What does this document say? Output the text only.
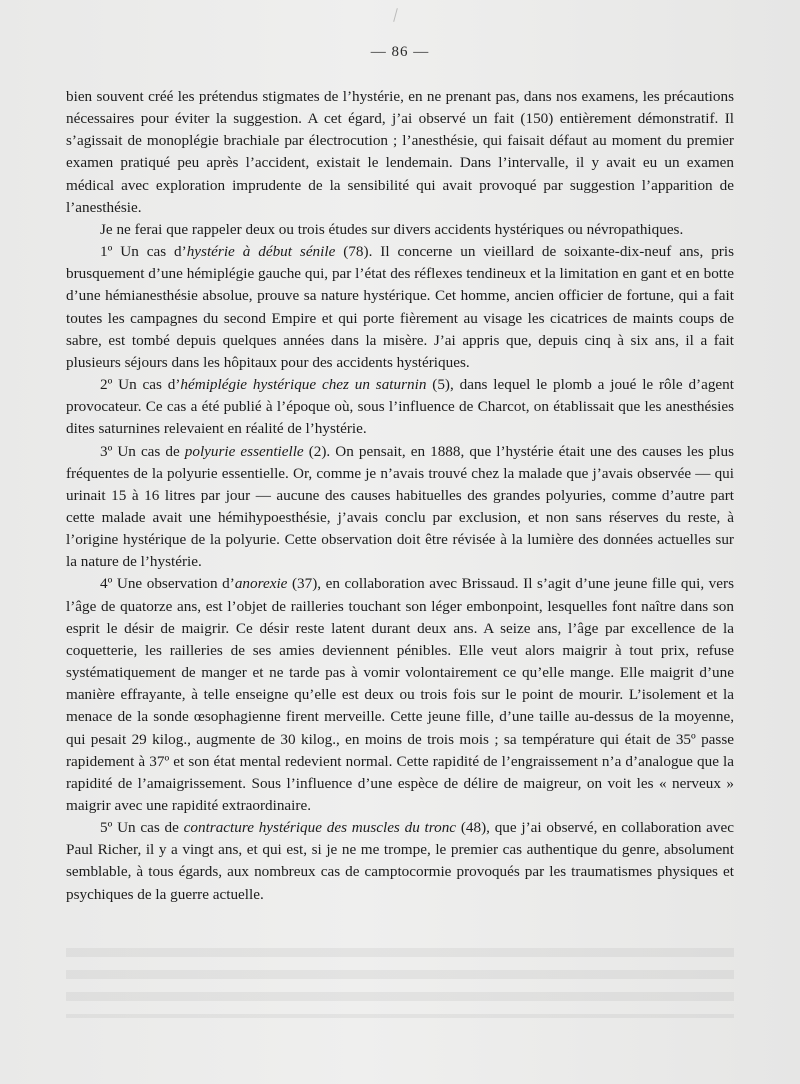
— 86 —

bien souvent créé les prétendus stigmates de l’hystérie, en ne prenant pas, dans nos examens, les précautions nécessaires pour éviter la suggestion. A cet égard, j’ai observé un fait (150) entièrement démonstratif. Il s’agissait de monoplégie brachiale par électrocution ; l’anesthésie, qui faisait défaut au moment du premier examen pratiqué peu après l’accident, existait le lendemain. Dans l’intervalle, il y avait eu un examen médical avec exploration imprudente de la sensibilité qui avait provoqué par suggestion l’apparition de l’anesthésie.

Je ne ferai que rappeler deux ou trois études sur divers accidents hystériques ou névropathiques.

1º Un cas d’hystérie à début sénile (78). Il concerne un vieillard de soixante-dix-neuf ans, pris brusquement d’une hémiplégie gauche qui, par l’état des réflexes tendineux et la limitation en gant et en botte d’une hémianesthésie absolue, prouve sa nature hystérique. Cet homme, ancien officier de fortune, qui a fait toutes les campagnes du second Empire et qui porte fièrement au visage les cicatrices de maints coups de sabre, est tombé depuis quelques années dans la misère. J’ai appris que, depuis cinq à six ans, il a fait plusieurs séjours dans les hôpitaux pour des accidents hystériques.

2º Un cas d’hémiplégie hystérique chez un saturnin (5), dans lequel le plomb a joué le rôle d’agent provocateur. Ce cas a été publié à l’époque où, sous l’influence de Charcot, on établissait que les anesthésies dites saturnines relevaient en réalité de l’hystérie.

3º Un cas de polyurie essentielle (2). On pensait, en 1888, que l’hystérie était une des causes les plus fréquentes de la polyurie essentielle. Or, comme je n’avais trouvé chez la malade que j’avais observée — qui urinait 15 à 16 litres par jour — aucune des causes habituelles des grandes polyuries, comme d’autre part cette malade avait une hémihypoesthésie, j’avais conclu par exclusion, et non sans réserves du reste, à l’origine hystérique de la polyurie. Cette observation doit être révisée à la lumière des données actuelles sur la nature de l’hystérie.

4º Une observation d’anorexie (37), en collaboration avec Brissaud. Il s’agit d’une jeune fille qui, vers l’âge de quatorze ans, est l’objet de railleries touchant son léger embonpoint, lesquelles font naître dans son esprit le désir de maigrir. Ce désir reste latent durant deux ans. A seize ans, l’âge par excellence de la coquetterie, les railleries de ses amies deviennent pénibles. Elle veut alors maigrir à tout prix, refuse systématiquement de manger et ne tarde pas à vomir volontairement ce qu’elle mange. Elle maigrit d’une manière effrayante, à telle enseigne qu’elle est deux ou trois fois sur le point de mourir. L’isolement et la menace de la sonde œsophagienne firent merveille. Cette jeune fille, d’une taille au-dessus de la moyenne, qui pesait 29 kilog., augmente de 30 kilog., en moins de trois mois ; sa température qui était de 35º passe rapidement à 37º et son état mental redevient normal. Cette rapidité de l’engraissement n’a d’analogue que la rapidité de l’amaigrissement. Sous l’influence d’une espèce de délire de maigreur, on voit les « nerveux » maigrir avec une rapidité extraordinaire.

5º Un cas de contracture hystérique des muscles du tronc (48), que j’ai observé, en collaboration avec Paul Richer, il y a vingt ans, et qui est, si je ne me trompe, le premier cas authentique du genre, absolument semblable, à tous égards, aux nombreux cas de camptocormie provoqués par les traumatismes physiques et psychiques de la guerre actuelle.
